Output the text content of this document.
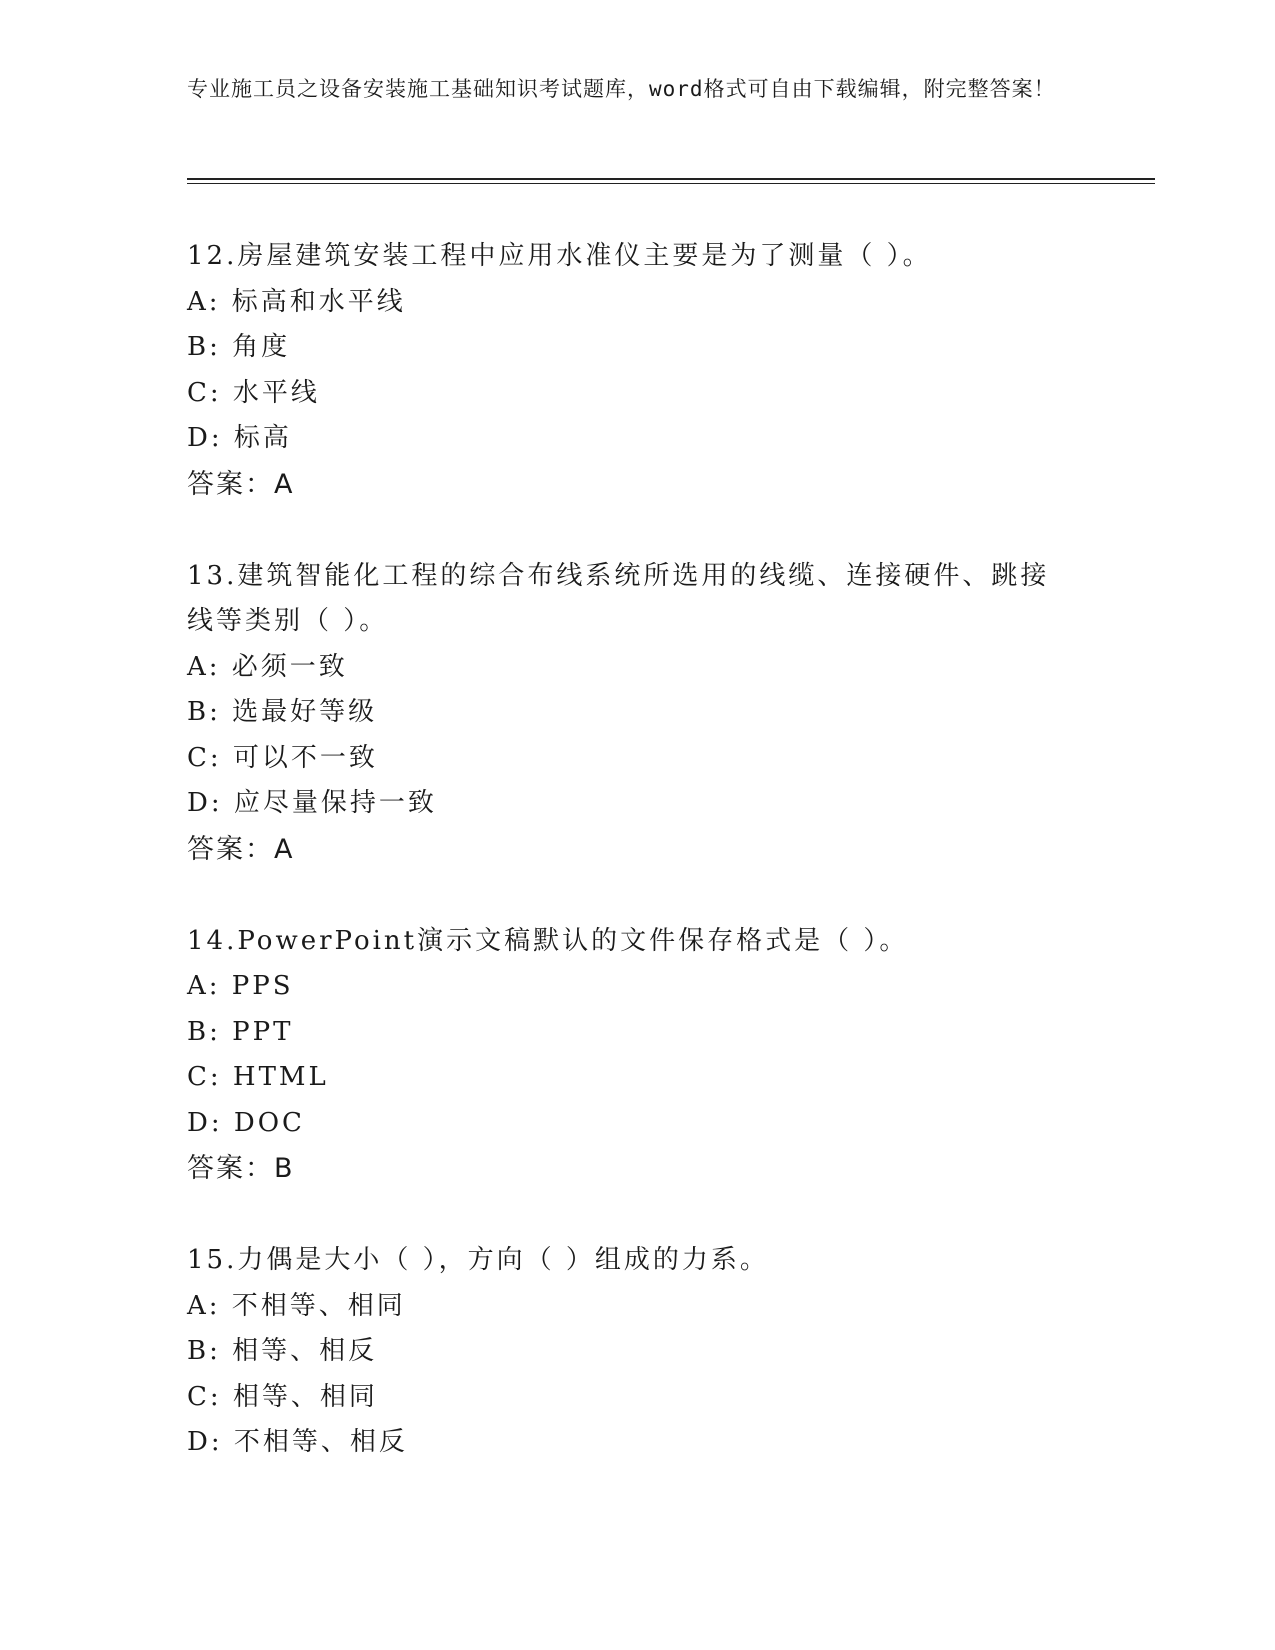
专业施工员之设备安装施工基础知识考试题库，word格式可自由下载编辑，附完整答案！
12.房屋建筑安装工程中应用水准仪主要是为了测量（ ）。
A: 标高和水平线
B: 角度
C: 水平线
D: 标高
答案：A
13.建筑智能化工程的综合布线系统所选用的线缆、连接硬件、跳接线等类别（ ）。
A: 必须一致
B: 选最好等级
C: 可以不一致
D: 应尽量保持一致
答案：A
14.PowerPoint演示文稿默认的文件保存格式是（ ）。
A: PPS
B: PPT
C: HTML
D: DOC
答案：B
15.力偶是大小（ ），方向（ ）组成的力系。
A: 不相等、相同
B: 相等、相反
C: 相等、相同
D: 不相等、相反
